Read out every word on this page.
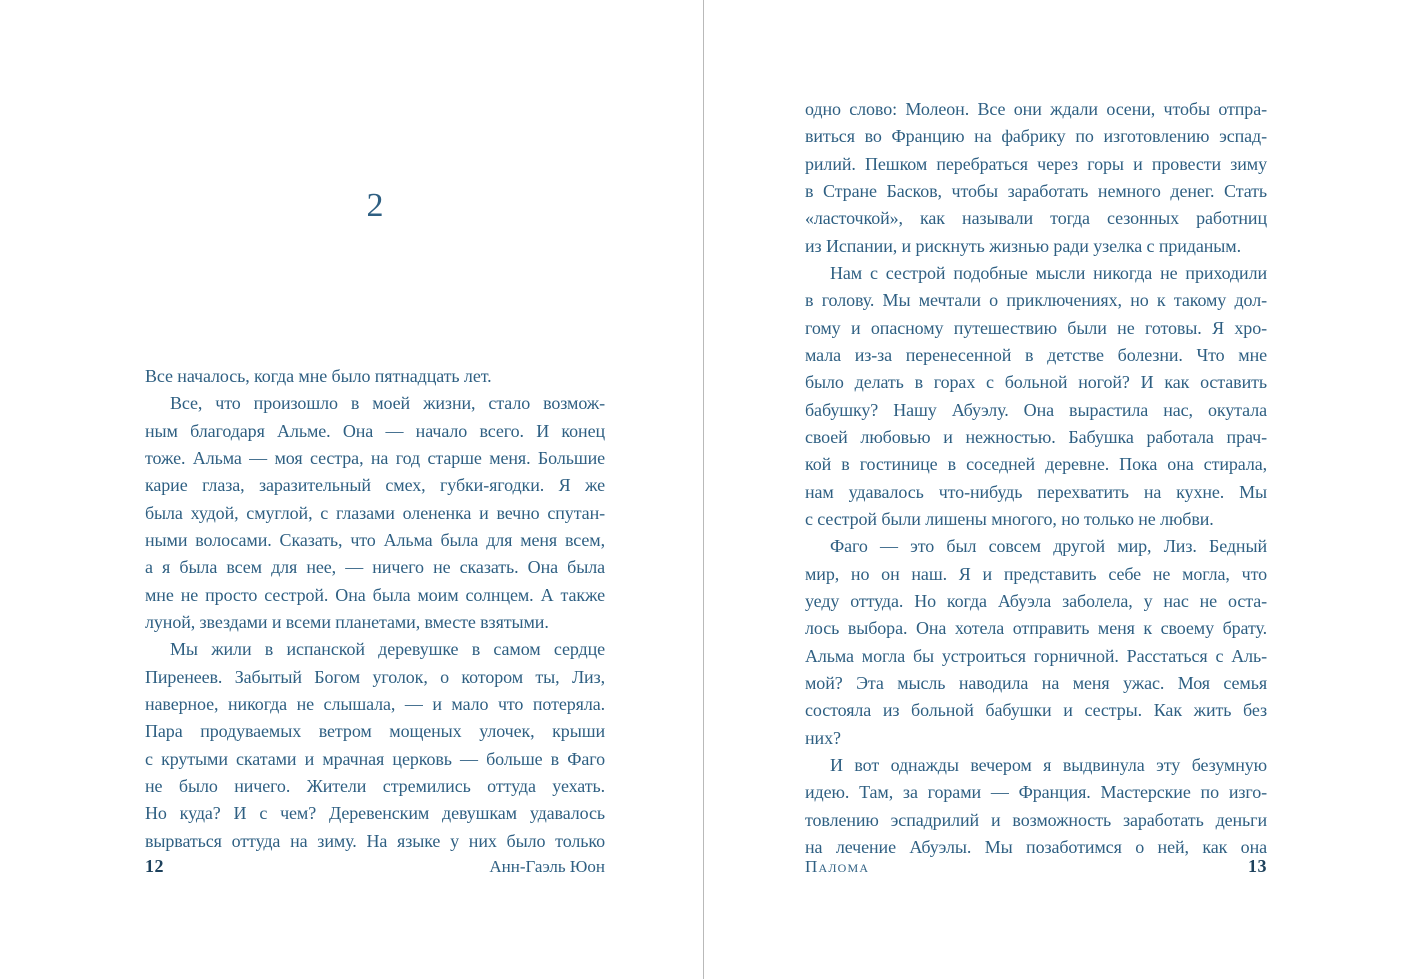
2
Все началось, когда мне было пятнадцать лет.
Все, что произошло в моей жизни, стало возмож-
ным благодаря Альме. Она — начало всего. И конец
тоже. Альма — моя сестра, на год старше меня. Большие
карие глаза, заразительный смех, губки-ягодки. Я же
была худой, смуглой, с глазами олененка и вечно спутан-
ными волосами. Сказать, что Альма была для меня всем,
а я была всем для нее, — ничего не сказать. Она была
мне не просто сестрой. Она была моим солнцем. А также
луной, звездами и всеми планетами, вместе взятыми.
Мы жили в испанской деревушке в самом сердце
Пиренеев. Забытый Богом уголок, о котором ты, Лиз,
наверное, никогда не слышала, — и мало что потеряла.
Пара продуваемых ветром мощеных улочек, крыши
с крутыми скатами и мрачная церковь — больше в Фаго
не было ничего. Жители стремились оттуда уехать.
Но куда? И с чем? Деревенским девушкам удавалось
вырваться оттуда на зиму. На языке у них было только
12	Анн-Гаэль Юон
одно слово: Молеон. Все они ждали осени, чтобы отпра-
виться во Францию на фабрику по изготовлению эспад-
рилий. Пешком перебраться через горы и провести зиму
в Стране Басков, чтобы заработать немного денег. Стать
«ласточкой», как называли тогда сезонных работниц
из Испании, и рискнуть жизнью ради узелка с приданым.
Нам с сестрой подобные мысли никогда не приходили
в голову. Мы мечтали о приключениях, но к такому дол-
гому и опасному путешествию были не готовы. Я хро-
мала из-за перенесенной в детстве болезни. Что мне
было делать в горах с больной ногой? И как оставить
бабушку? Нашу Абуэлу. Она вырастила нас, окутала
своей любовью и нежностью. Бабушка работала прач-
кой в гостинице в соседней деревне. Пока она стирала,
нам удавалось что-нибудь перехватить на кухне. Мы
с сестрой были лишены многого, но только не любви.
Фаго — это был совсем другой мир, Лиз. Бедный
мир, но он наш. Я и представить себе не могла, что
уеду оттуда. Но когда Абуэла заболела, у нас не оста-
лось выбора. Она хотела отправить меня к своему брату.
Альма могла бы устроиться горничной. Расстаться с Аль-
мой? Эта мысль наводила на меня ужас. Моя семья
состояла из больной бабушки и сестры. Как жить без
них?
И вот однажды вечером я выдвинула эту безумную
идею. Там, за горами — Франция. Мастерские по изго-
товлению эспадрилий и возможность заработать деньги
на лечение Абуэлы. Мы позаботимся о ней, как она
Палома	13
